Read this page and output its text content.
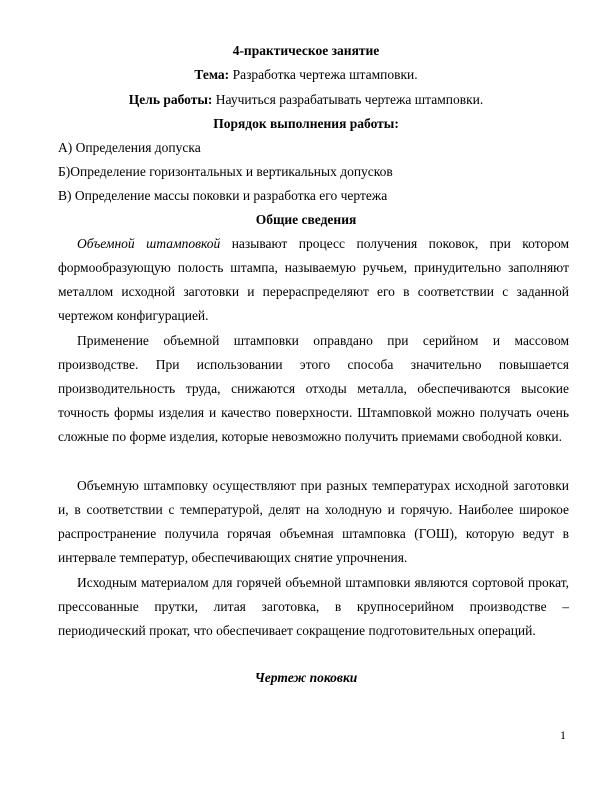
4-практическое занятие
Тема: Разработка чертежа штамповки.
Цель работы: Научиться разрабатывать чертежа штамповки.
Порядок выполнения работы:
А) Определения допуска
Б)Определение горизонтальных и вертикальных допусков
В) Определение массы поковки и разработка его чертежа
Общие сведения

Объемной штамповкой называют процесс получения поковок, при котором формообразующую полость штампа, называемую ручьем, принудительно заполняют металлом исходной заготовки и перераспределяют его в соответствии с заданной чертежом конфигурацией.

Применение объемной штамповки оправдано при серийном и массовом производстве. При использовании этого способа значительно повышается производительность труда, снижаются отходы металла, обеспечиваются высокие точность формы изделия и качество поверхности. Штамповкой можно получать очень сложные по форме изделия, которые невозможно получить приемами свободной ковки.

Объемную штамповку осуществляют при разных температурах исходной заготовки и, в соответствии с температурой, делят на холодную и горячую. Наиболее широкое распространение получила горячая объемная штамповка (ГОШ), которую ведут в интервале температур, обеспечивающих снятие упрочнения.

Исходным материалом для горячей объемной штамповки являются сортовой прокат, прессованные прутки, литая заготовка, в крупносерийном производстве – периодический прокат, что обеспечивает сокращение подготовительных операций.

Чертеж поковки
1
